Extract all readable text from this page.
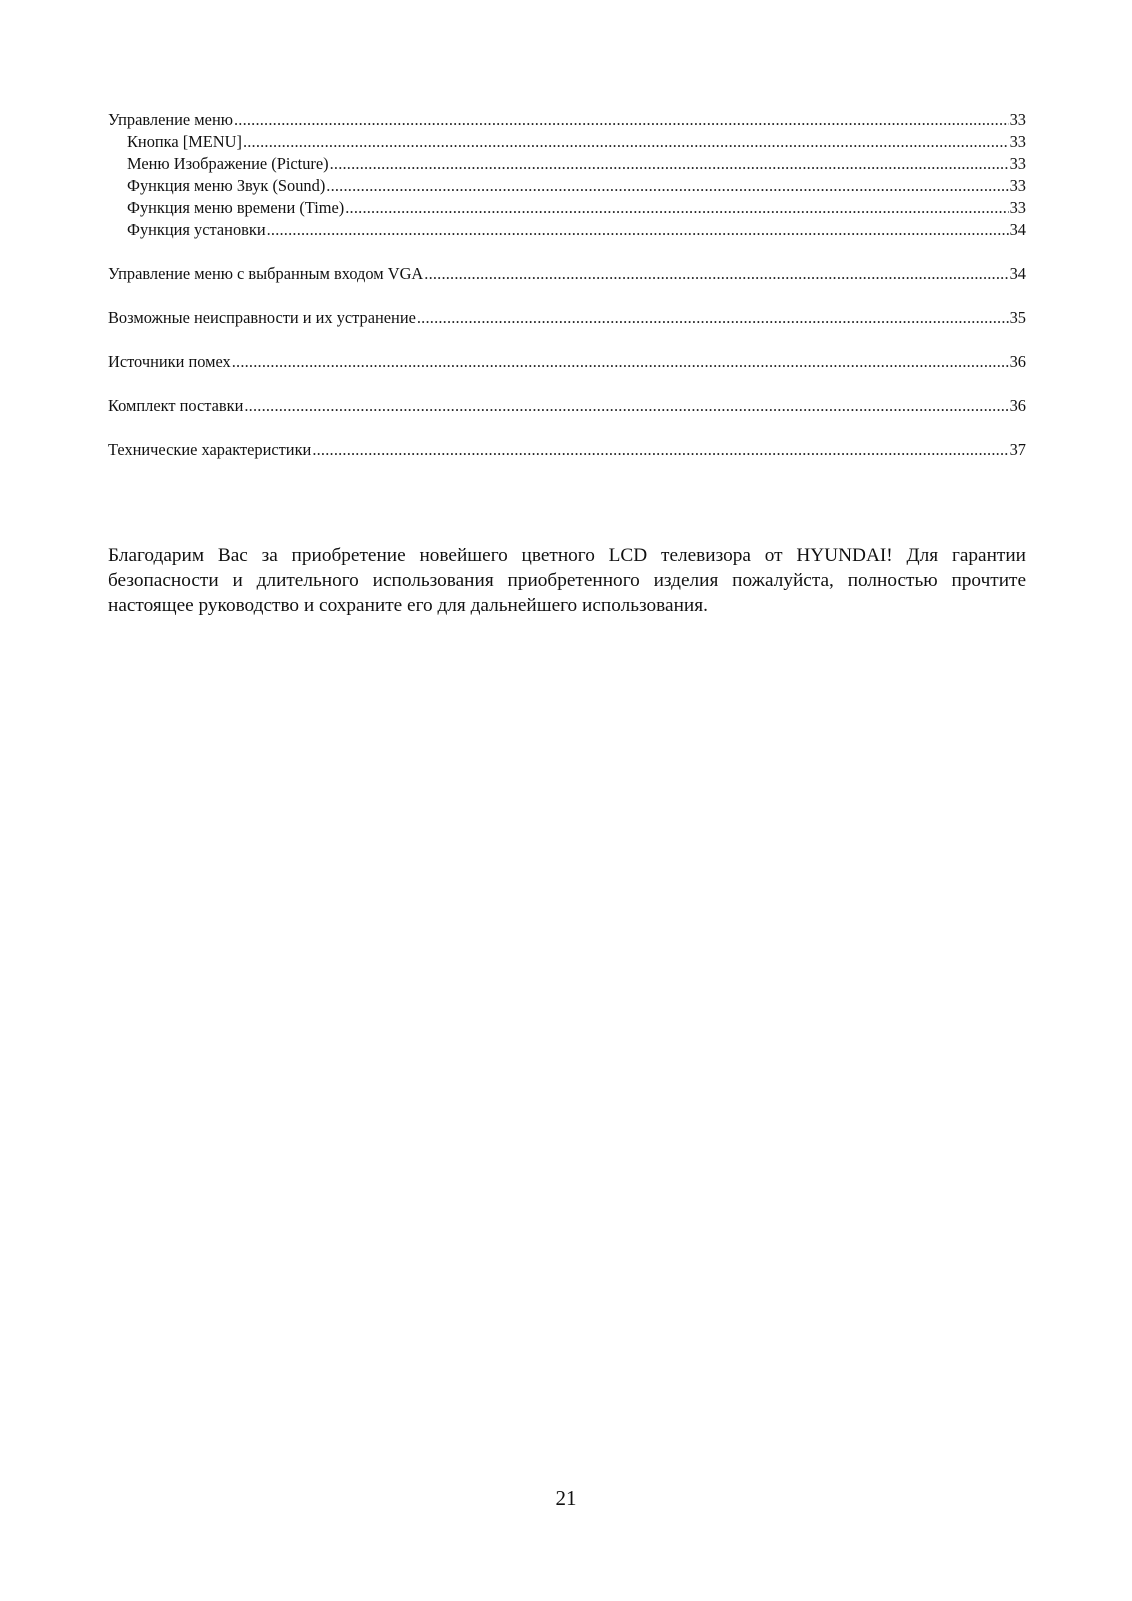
Управление меню .....	33
Кнопка [MENU] .....	33
Меню Изображение (Picture) .....	33
Функция меню Звук (Sound) .....	33
Функция меню времени (Time) .....	33
Функция установки .....	34
Управление меню с выбранным входом VGA .....	34
Возможные неисправности и их устранение .....	35
Источники помех .....	36
Комплект поставки .....	36
Технические характеристики .....	37

Благодарим Вас за приобретение новейшего цветного LCD телевизора от HYUNDAI! Для гарантии безопасности и длительного использования приобретенного изделия пожалуйста, полностью прочтите настоящее руководство и сохраните его для дальнейшего использования.

21
